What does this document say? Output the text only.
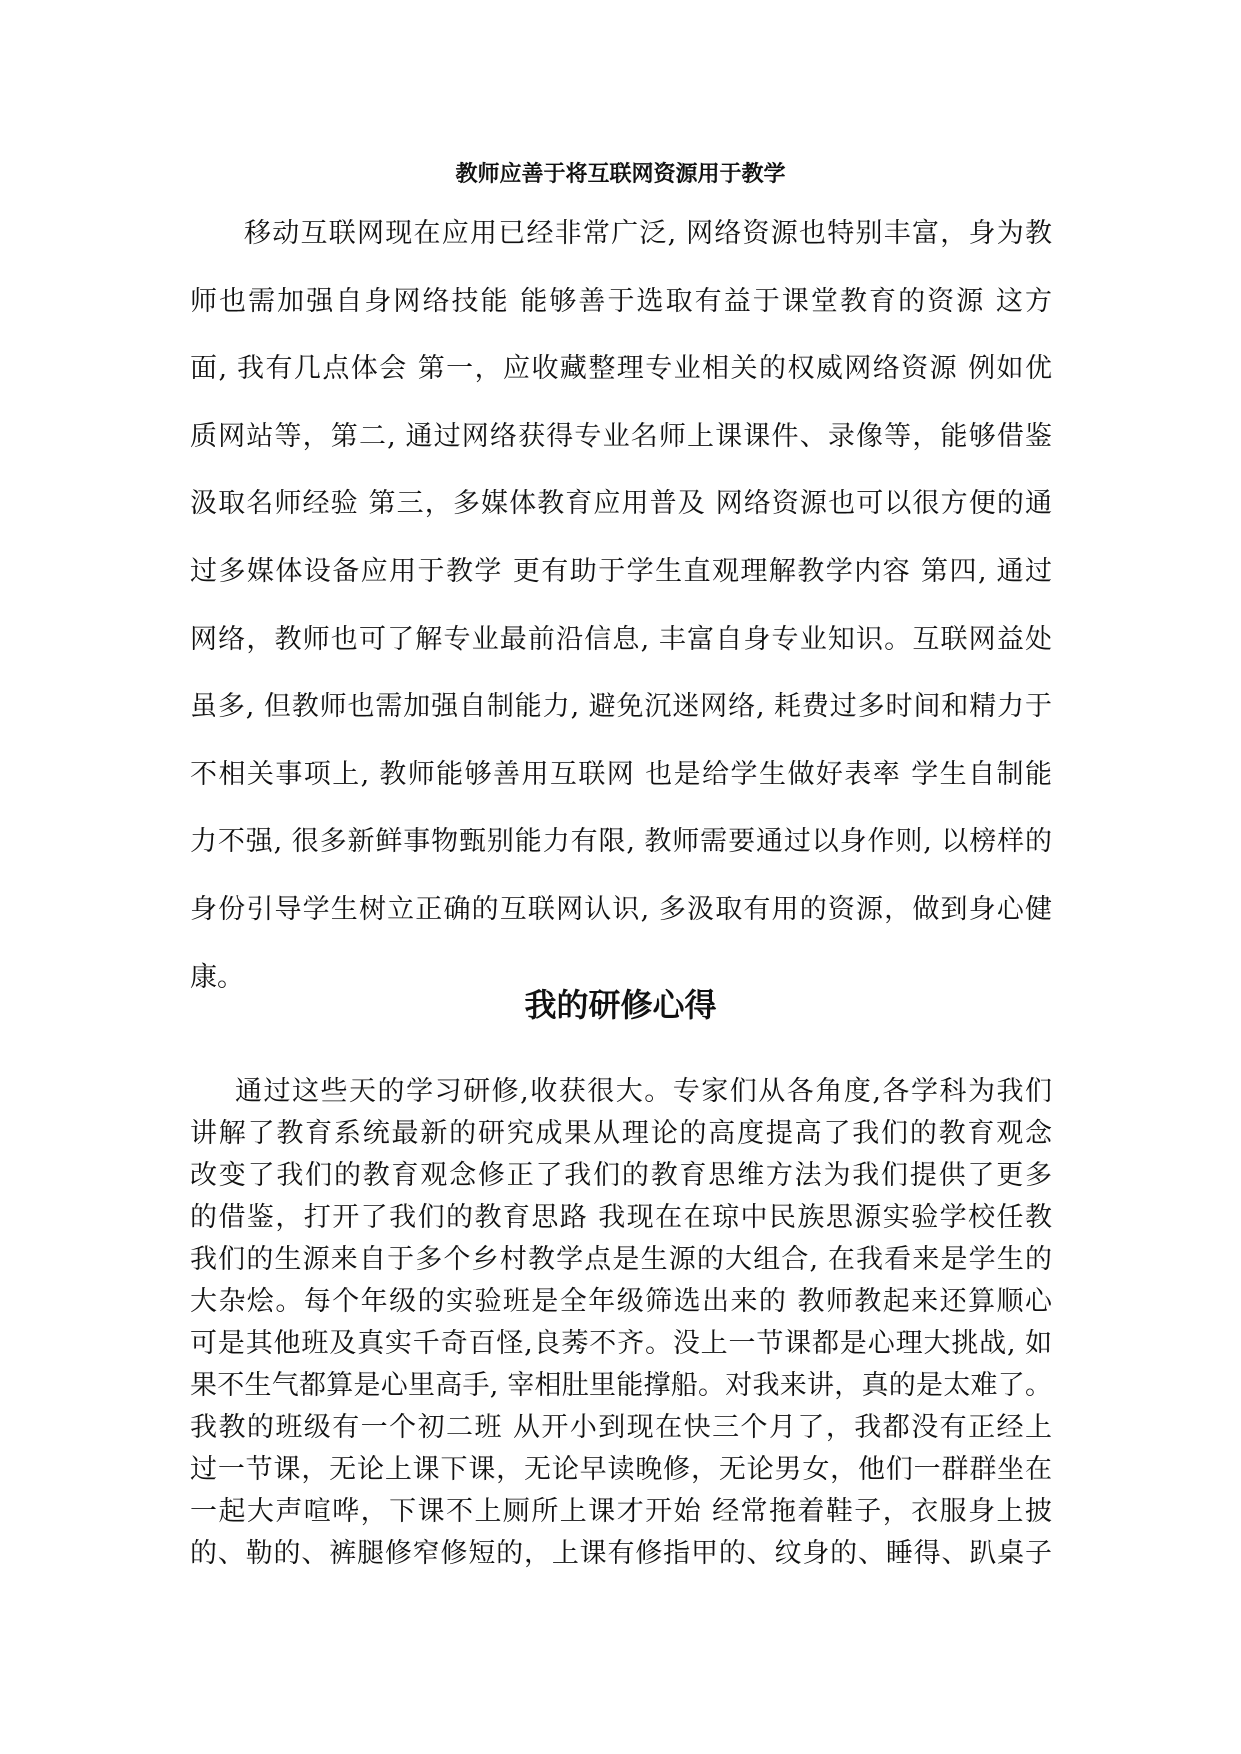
教师应善于将互联网资源用于教学
移动互联网现在应用已经非常广泛, 网络资源也特别丰富，身为教
师也需加强自身网络技能 能够善于选取有益于课堂教育的资源 这方
面, 我有几点体会 第一，应收藏整理专业相关的权威网络资源 例如优
质网站等，第二, 通过网络获得专业名师上课课件、录像等，能够借鉴
汲取名师经验 第三，多媒体教育应用普及 网络资源也可以很方便的通
过多媒体设备应用于教学 更有助于学生直观理解教学内容 第四, 通过
网络，教师也可了解专业最前沿信息, 丰富自身专业知识。互联网益处
虽多, 但教师也需加强自制能力, 避免沉迷网络, 耗费过多时间和精力于
不相关事项上, 教师能够善用互联网 也是给学生做好表率 学生自制能
力不强, 很多新鲜事物甄别能力有限, 教师需要通过以身作则, 以榜样的
身份引导学生树立正确的互联网认识, 多汲取有用的资源，做到身心健
康。
我的研修心得
通过这些天的学习研修,收获很大。专家们从各角度,各学科为我们
讲解了教育系统最新的研究成果从理论的高度提高了我们的教育观念
改变了我们的教育观念修正了我们的教育思维方法为我们提供了更多
的借鉴，打开了我们的教育思路 我现在在琼中民族思源实验学校任教
我们的生源来自于多个乡村教学点是生源的大组合, 在我看来是学生的
大杂烩。每个年级的实验班是全年级筛选出来的 教师教起来还算顺心
可是其他班及真实千奇百怪,良莠不齐。没上一节课都是心理大挑战, 如
果不生气都算是心里高手, 宰相肚里能撑船。对我来讲，真的是太难了。
我教的班级有一个初二班 从开小到现在快三个月了，我都没有正经上
过一节课，无论上课下课，无论早读晚修，无论男女，他们一群群坐在
一起大声喧哗，下课不上厕所上课才开始 经常拖着鞋子，衣服身上披
的、勒的、裤腿修窄修短的，上课有修指甲的、纹身的、睡得、趴桌子
